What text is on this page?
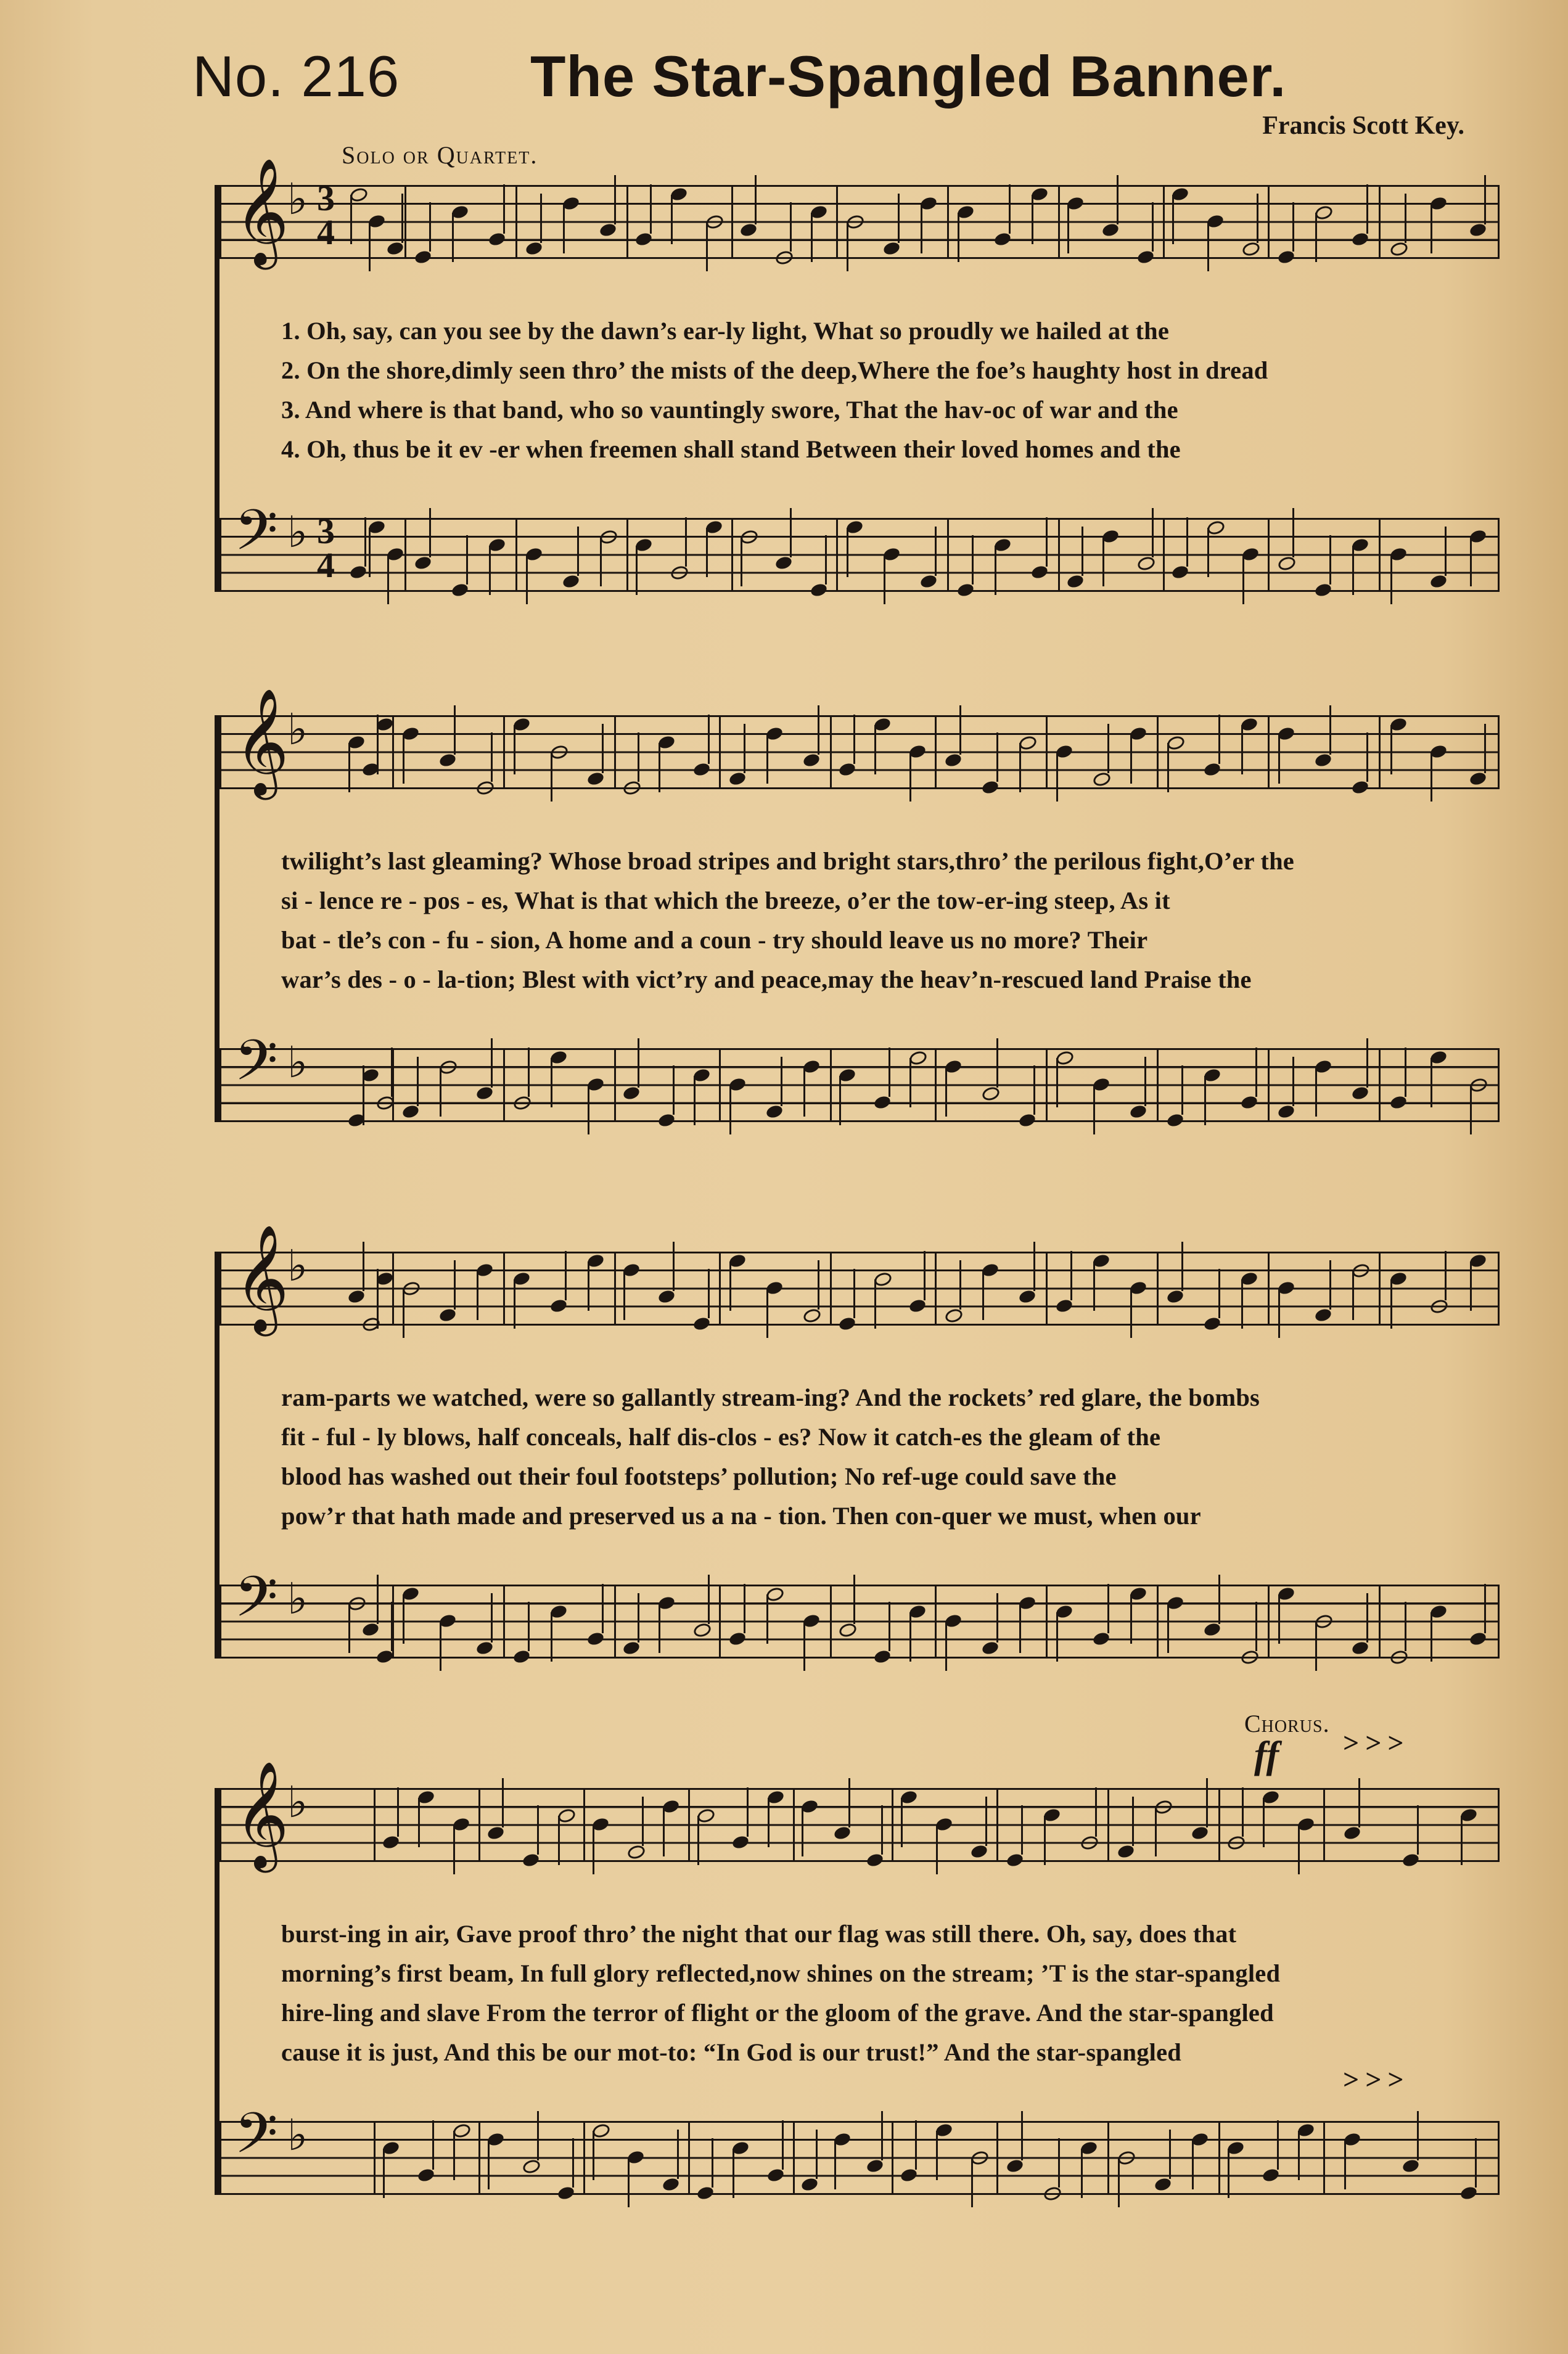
No. 216 The Star-Spangled Banner.
Francis Scott Key.
Solo or Quartet.
𝄞
♭ 3
4
1. Oh, say, can you see by the dawn’s ear-ly light, What so proudly we hailed at the
2. On the shore,dimly seen thro’ the mists of the deep,Where the foe’s haughty host in dread
3. And where is that band, who so vauntingly swore, That the hav-oc of war and the
4. Oh, thus be it ev -er when freemen shall stand Between their loved homes and the
𝄢 ♭ 3
4
𝄞
♭
twilight’s last gleaming? Whose broad stripes and bright stars,thro’ the perilous fight,O’er the
si - lence re - pos - es, What is that which the breeze, o’er the tow-er-ing steep, As it
bat - tle’s con - fu - sion, A home and a coun - try should leave us no more? Their
war’s des - o - la-tion; Blest with vict’ry and peace,may the heav’n-rescued land Praise the
𝄢 ♭
𝄞
♭
ram-parts we watched, were so gallantly stream-ing? And the rockets’ red glare, the bombs
fit - ful - ly blows, half conceals, half dis-clos - es? Now it catch-es the gleam of the
blood has washed out their foul footsteps’ pollution; No ref-uge could save the
pow’r that hath made and preserved us a na - tion. Then con-quer we must, when our
𝄢 ♭
Chorus.
ff >>>
𝄞
♭
burst-ing in air, Gave proof thro’ the night that our flag was still there. Oh, say, does that
morning’s first beam, In full glory reflected,now shines on the stream; ’T is the star-spangled
hire-ling and slave From the terror of flight or the gloom of the grave. And the star-spangled
cause it is just, And this be our mot-to: “In God is our trust!” And the star-spangled
𝄢 ♭
>>>
